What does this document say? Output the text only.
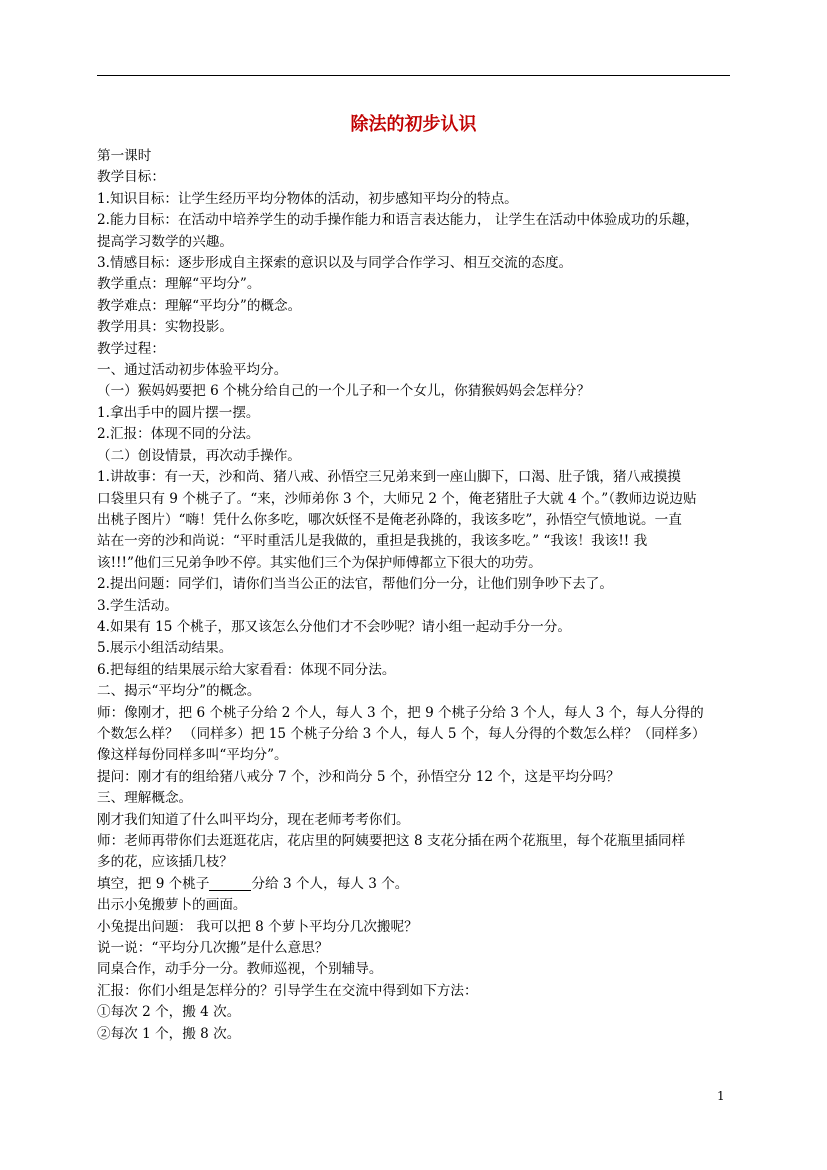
除法的初步认识
第一课时
教学目标：
1.知识目标：让学生经历平均分物体的活动，初步感知平均分的特点。
2.能力目标：在活动中培养学生的动手操作能力和语言表达能力， 让学生在活动中体验成功的乐趣，
提高学习数学的兴趣。
3.情感目标：逐步形成自主探索的意识以及与同学合作学习、相互交流的态度。
教学重点：理解“平均分”。
教学难点：理解“平均分”的概念。
教学用具：实物投影。
教学过程：
一、通过活动初步体验平均分。
（一）猴妈妈要把 6 个桃分给自己的一个儿子和一个女儿，你猜猴妈妈会怎样分？
1.拿出手中的圆片摆一摆。
2.汇报：体现不同的分法。
（二）创设情景，再次动手操作。
1.讲故事：有一天，沙和尚、猪八戒、孙悟空三兄弟来到一座山脚下，口渴、肚子饿，猪八戒摸摸
口袋里只有 9 个桃子了。“来，沙师弟你 3 个，大师兄 2 个，俺老猪肚子大就 4 个。”（教师边说边贴
出桃子图片）“嗨！凭什么你多吃，哪次妖怪不是俺老孙降的，我该多吃”，孙悟空气愤地说。一直
站在一旁的沙和尚说：“平时重活儿是我做的，重担是我挑的，我该多吃。” “我该！我该!! 我
该!!!”他们三兄弟争吵不停。其实他们三个为保护师傅都立下很大的功劳。
2.提出问题：同学们，请你们当当公正的法官，帮他们分一分，让他们别争吵下去了。
3.学生活动。
4.如果有 15 个桃子，那又该怎么分他们才不会吵呢？请小组一起动手分一分。
5.展示小组活动结果。
6.把每组的结果展示给大家看看：体现不同分法。
二、揭示“平均分”的概念。
师：像刚才，把 6 个桃子分给 2 个人，每人 3 个，把 9 个桃子分给 3 个人，每人 3 个，每人分得的
个数怎么样？ （同样多）把 15 个桃子分给 3 个人，每人 5 个，每人分得的个数怎么样？（同样多）
像这样每份同样多叫“平均分”。
提问：刚才有的组给猪八戒分 7 个，沙和尚分 5 个，孙悟空分 12 个，这是平均分吗？
三、理解概念。
刚才我们知道了什么叫平均分，现在老师考考你们。
师：老师再带你们去逛逛花店，花店里的阿姨要把这 8 支花分插在两个花瓶里，每个花瓶里插同样
多的花，应该插几枝？
填空，把 9 个桃子	分给 3 个人，每人 3 个。
出示小兔搬萝卜的画面。
小兔提出问题： 我可以把 8 个萝卜平均分几次搬呢？
说一说：“平均分几次搬”是什么意思？
同桌合作，动手分一分。教师巡视，个别辅导。
汇报：你们小组是怎样分的？引导学生在交流中得到如下方法：
①每次 2 个，搬 4 次。
②每次 1 个，搬 8 次。
1
